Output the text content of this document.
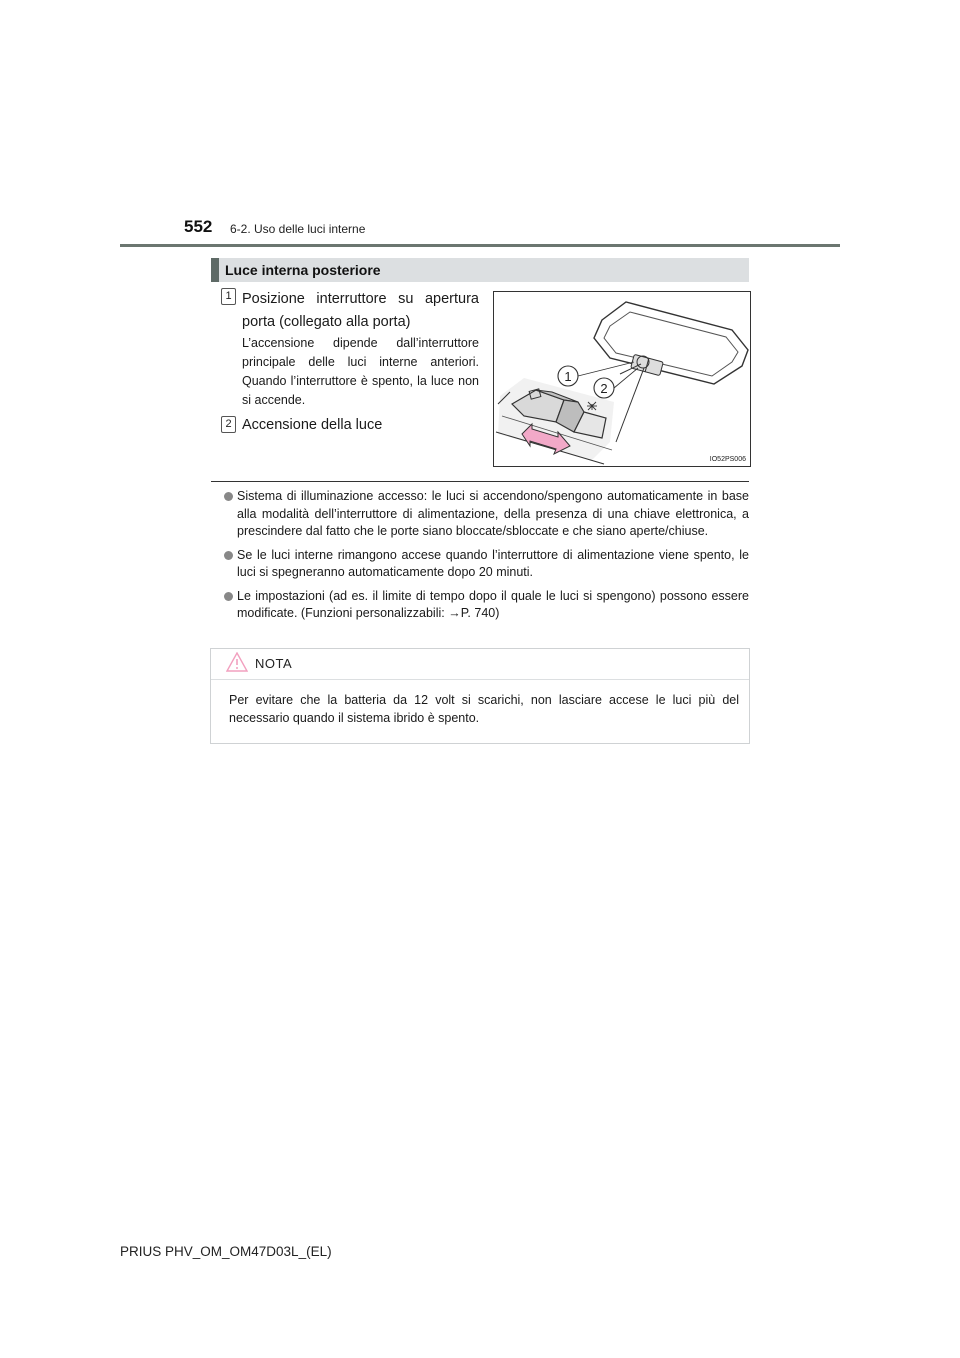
552 6-2. Uso delle luci interne
Luce interna posteriore
1 Posizione interruttore su apertura porta (collegato alla porta)
L’accensione dipende dall’interruttore principale delle luci interne anteriori. Quando l’interruttore è spento, la luce non si accende.
2 Accensione della luce
1
2
IO52PS006
Sistema di illuminazione accesso: le luci si accendono/spengono automaticamente in base alla modalità dell’interruttore di alimentazione, della presenza di una chiave elettronica, a prescindere dal fatto che le porte siano bloccate/sbloccate e che siano aperte/chiuse.
Se le luci interne rimangono accese quando l’interruttore di alimentazione viene spento, le luci si spegneranno automaticamente dopo 20 minuti.
Le impostazioni (ad es. il limite di tempo dopo il quale le luci si spengono) possono essere modificate. (Funzioni personalizzabili: →P. 740)
NOTA
Per evitare che la batteria da 12 volt si scarichi, non lasciare accese le luci più del necessario quando il sistema ibrido è spento.
PRIUS PHV_OM_OM47D03L_(EL)
